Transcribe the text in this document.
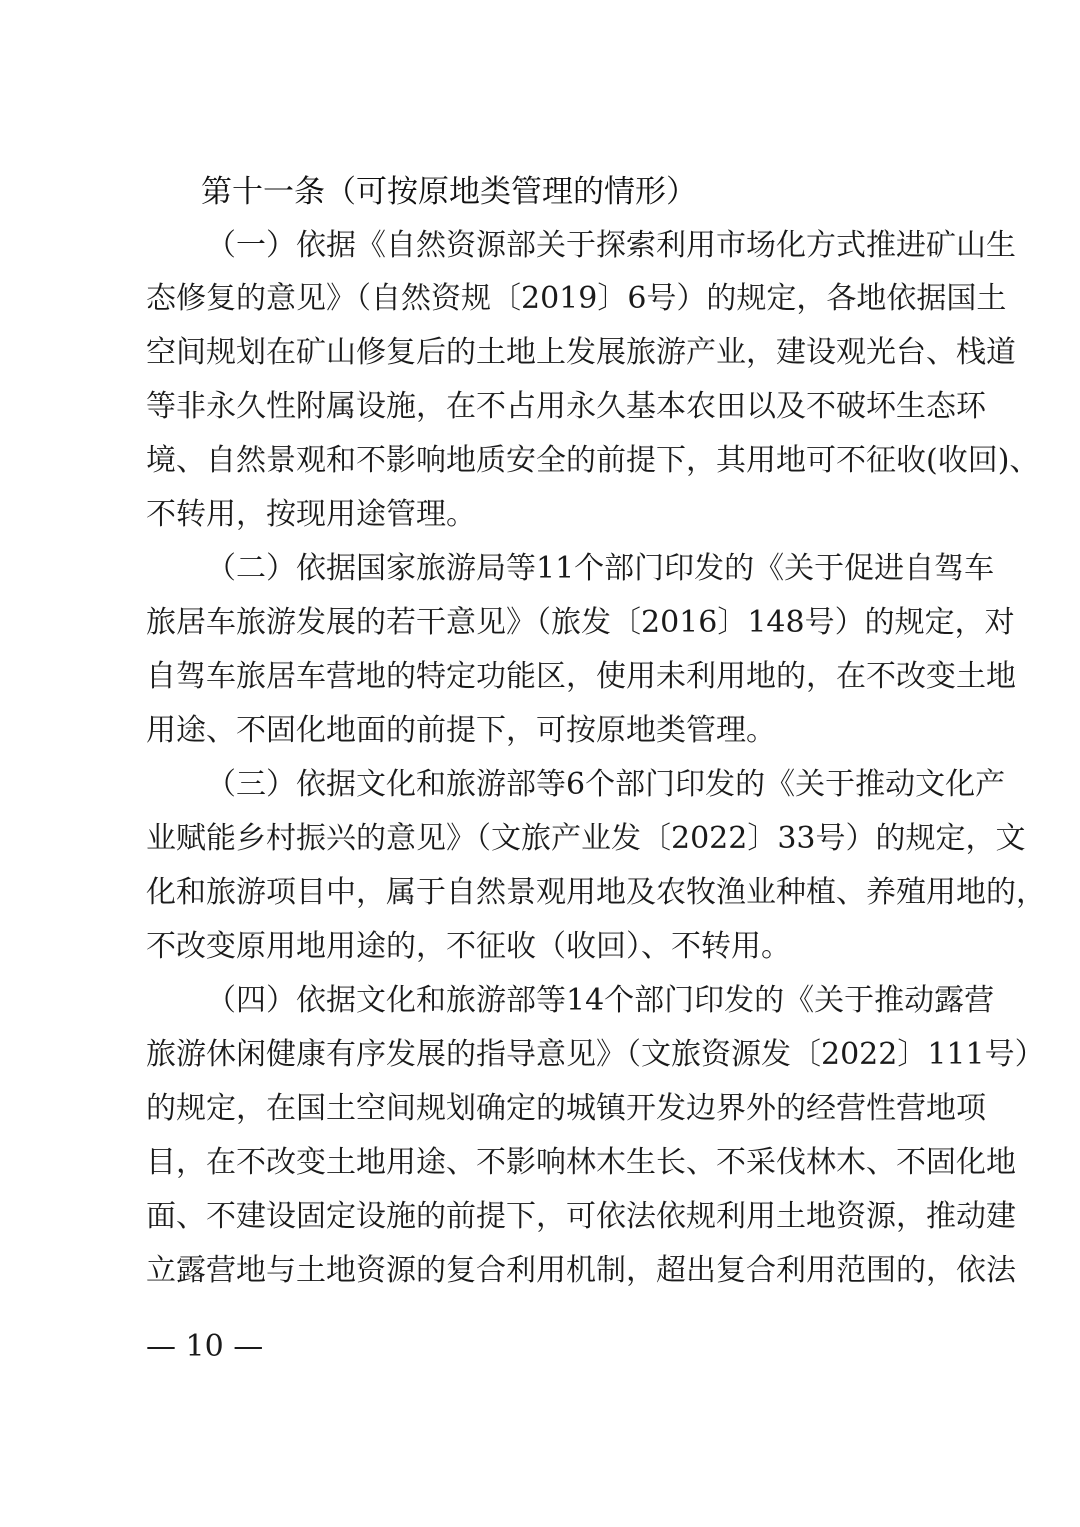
第十一条（可按原地类管理的情形）
（一）依据《自然资源部关于探索利用市场化方式推进矿山生
态修复的意见》（自然资规〔2019〕6号）的规定，各地依据国土
空间规划在矿山修复后的土地上发展旅游产业，建设观光台、栈道
等非永久性附属设施，在不占用永久基本农田以及不破坏生态环
境、自然景观和不影响地质安全的前提下，其用地可不征收(收回)、
不转用，按现用途管理。
（二）依据国家旅游局等11个部门印发的《关于促进自驾车
旅居车旅游发展的若干意见》（旅发〔2016〕148号）的规定，对
自驾车旅居车营地的特定功能区，使用未利用地的，在不改变土地
用途、不固化地面的前提下，可按原地类管理。
（三）依据文化和旅游部等6个部门印发的《关于推动文化产
业赋能乡村振兴的意见》（文旅产业发〔2022〕33号）的规定，文
化和旅游项目中，属于自然景观用地及农牧渔业种植、养殖用地的，
不改变原用地用途的，不征收（收回）、不转用。
（四）依据文化和旅游部等14个部门印发的《关于推动露营
旅游休闲健康有序发展的指导意见》（文旅资源发〔2022〕111号）
的规定，在国土空间规划确定的城镇开发边界外的经营性营地项
目，在不改变土地用途、不影响林木生长、不采伐林木、不固化地
面、不建设固定设施的前提下，可依法依规利用土地资源，推动建
立露营地与土地资源的复合利用机制，超出复合利用范围的，依法
— 10 —
